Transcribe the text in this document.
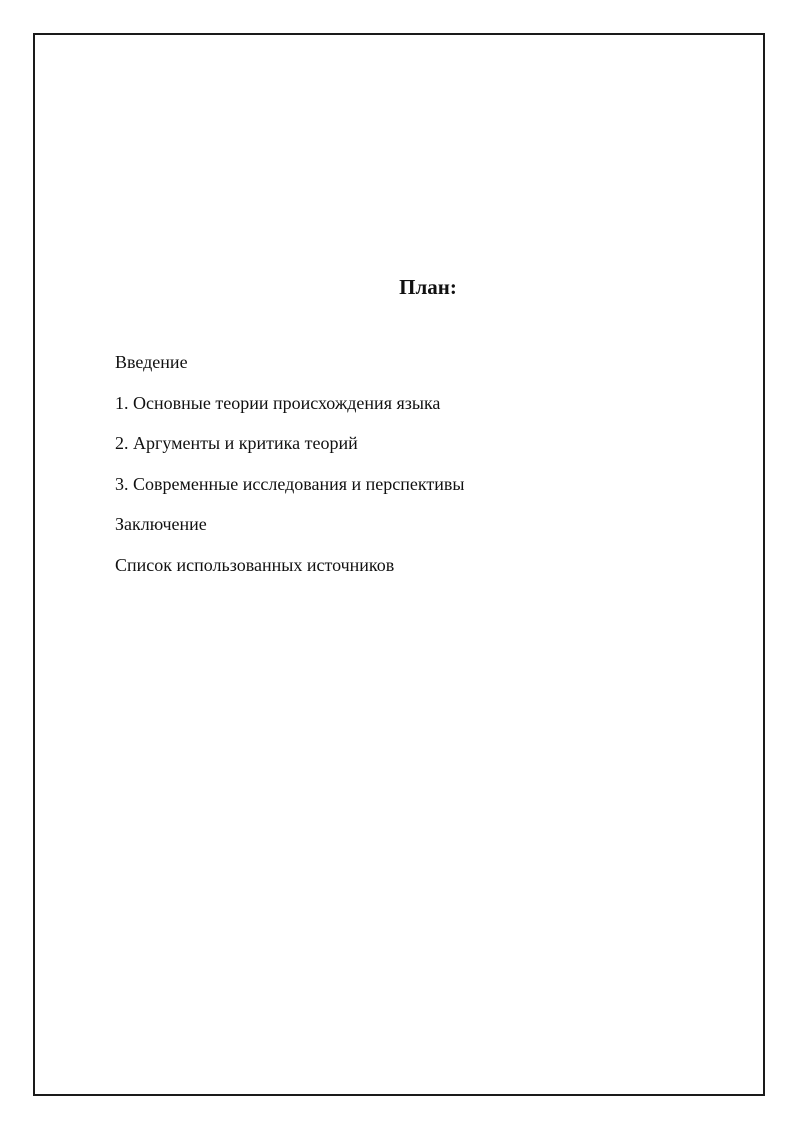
План:
Введение
1. Основные теории происхождения языка
2. Аргументы и критика теорий
3. Современные исследования и перспективы
Заключение
Список использованных источников
